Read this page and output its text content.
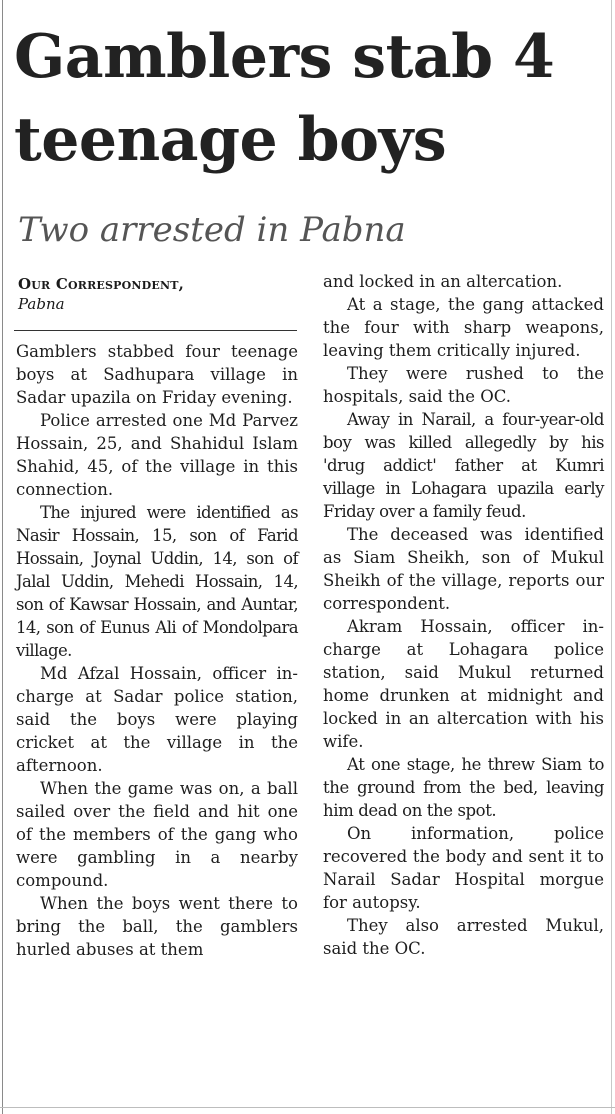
Gamblers stab 4 teenage boys
Two arrested in Pabna
Our Correspondent,
Pabna

Gamblers stabbed four teenage boys at Sadhupara village in Sadar upazila on Friday evening.

Police arrested one Md Parvez Hossain, 25, and Shahidul Islam Shahid, 45, of the village in this connection.

The injured were identified as Nasir Hossain, 15, son of Farid Hossain, Joynal Uddin, 14, son of Jalal Uddin, Mehedi Hossain, 14, son of Kawsar Hossain, and Auntar, 14, son of Eunus Ali of Mondolpara village.

Md Afzal Hossain, officer in-charge at Sadar police station, said the boys were playing cricket at the village in the afternoon.

When the game was on, a ball sailed over the field and hit one of the members of the gang who were gambling in a nearby compound.

When the boys went there to bring the ball, the gamblers hurled abuses at them

and locked in an altercation.

At a stage, the gang attacked the four with sharp weapons, leaving them critically injured.

They were rushed to the hospitals, said the OC.

Away in Narail, a four-year-old boy was killed allegedly by his 'drug addict' father at Kumri village in Lohagara upazila early Friday over a family feud.

The deceased was identified as Siam Sheikh, son of Mukul Sheikh of the village, reports our correspondent.

Akram Hossain, officer in-charge at Lohagara police station, said Mukul returned home drunken at midnight and locked in an altercation with his wife.

At one stage, he threw Siam to the ground from the bed, leaving him dead on the spot.

On information, police recovered the body and sent it to Narail Sadar Hospital morgue for autopsy.

They also arrested Mukul, said the OC.
